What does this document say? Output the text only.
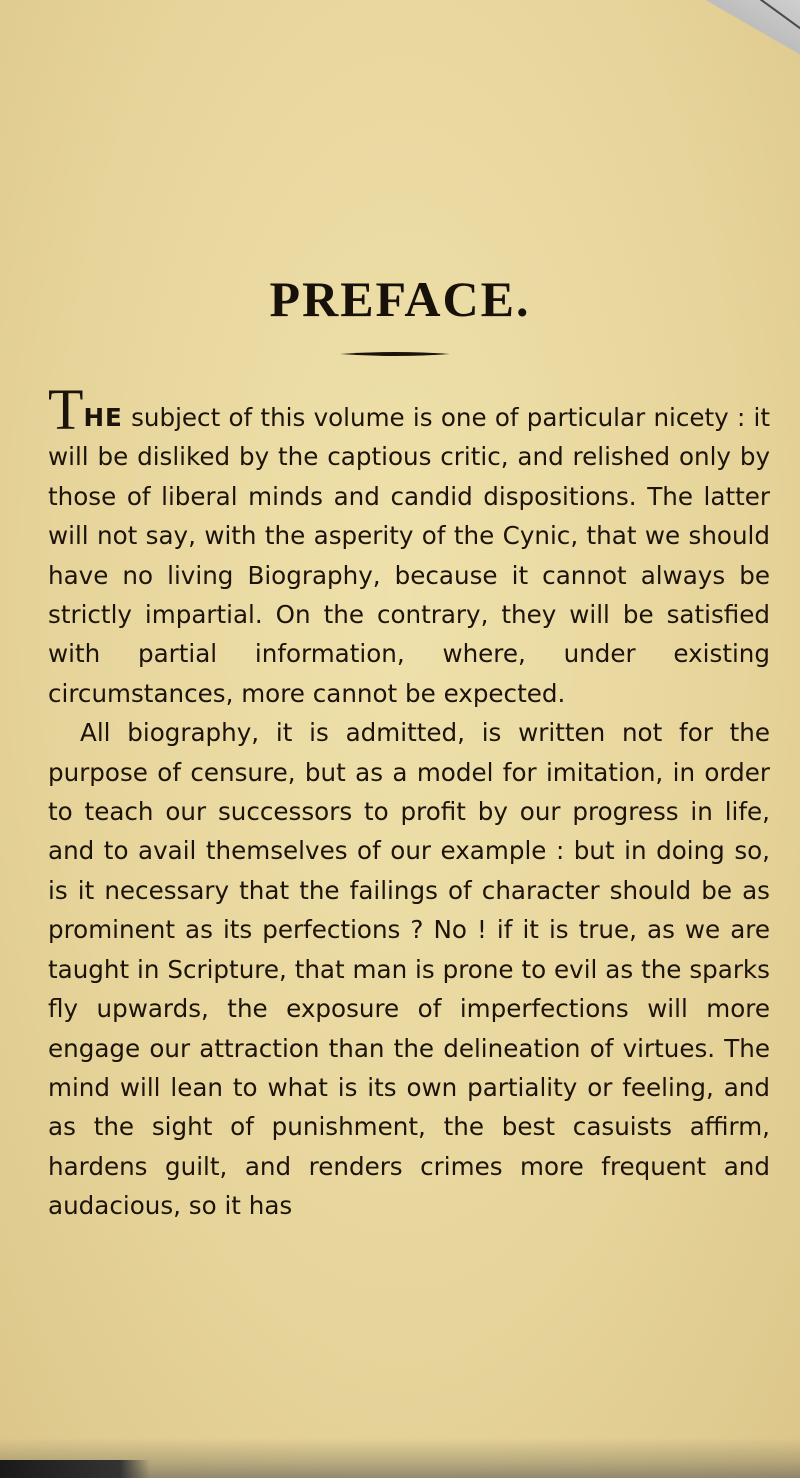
PREFACE.

THE subject of this volume is one of particular nicety : it will be disliked by the captious critic, and relished only by those of liberal minds and candid dispositions. The latter will not say, with the asperity of the Cynic, that we should have no living Biography, because it cannot always be strictly impartial. On the contrary, they will be satisfied with partial information, where, under existing circumstances, more cannot be expected.

All biography, it is admitted, is written not for the purpose of censure, but as a model for imitation, in order to teach our successors to profit by our progress in life, and to avail themselves of our example : but in doing so, is it necessary that the failings of character should be as prominent as its perfections ? No ! if it is true, as we are taught in Scripture, that man is prone to evil as the sparks fly upwards, the exposure of imperfections will more engage our attraction than the delineation of virtues. The mind will lean to what is its own partiality or feeling, and as the sight of punishment, the best casuists affirm, hardens guilt, and renders crimes more frequent and audacious, so it has
